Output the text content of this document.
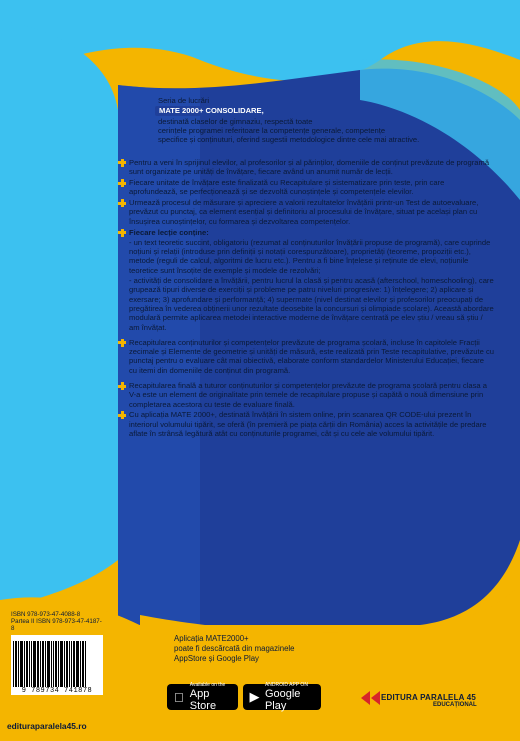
Seria de lucrări
MATE 2000+ CONSOLIDARE,
destinată claselor de gimnaziu, respectă toate
cerințele programei referitoare la competențe generale, competențe
specifice și conținuturi, oferind sugestii metodologice dintre cele mai atractive.

Pentru a veni în sprijinul elevilor, al profesorilor și al părinților, domeniile de conținut prevăzute de programă sunt organizate pe unități de învățare, fiecare având un anumit număr de lecții.

Fiecare unitate de învățare este finalizată cu Recapitulare și sistematizare prin teste, prin care aprofundează, se perfecționează și se dezvoltă cunoștințele și competențele elevilor.

Urmează procesul de măsurare și apreciere a valorii rezultatelor învățării printr-un Test de autoevaluare, prevăzut cu punctaj, ca element esențial și definitoriu al procesului de învățare, situat pe același plan cu însușirea cunoștințelor, cu formarea și dezvoltarea competențelor.

Fiecare lecție conține:

- un text teoretic succint, obligatoriu (rezumat al conținuturilor învățării propuse de programă), care cuprinde noțiuni și relații (introduse prin definiții și notații corespunzătoare), proprietăți (teoreme, propoziții etc.), metode (reguli de calcul, algoritmi de lucru etc.). Pentru a fi bine înțelese și reținute de elevi, noțiunile teoretice sunt însoțite de exemple și modele de rezolvări;

- activități de consolidare a învățării, pentru lucrul la clasă și pentru acasă (afterschool, homeschooling), care grupează tipuri diverse de exerciții și probleme pe patru niveluri progresive: 1) înțelegere; 2) aplicare și exersare; 3) aprofundare și performanță; 4) supermate (nivel destinat elevilor și profesorilor preocupați de pregătirea în vederea obținerii unor rezultate deosebite la concursuri și olimpiade școlare). Această abordare modulară permite aplicarea metodei interactive moderne de învățare centrată pe elev știu / vreau să știu / am învățat.

Recapitularea conținuturilor și competențelor prevăzute de programa școlară, incluse în capitolele Fracții zecimale și Elemente de geometrie și unități de măsură, este realizată prin Teste recapitulative, prevăzute cu punctaj pentru o evaluare cât mai obiectivă, elaborate conform standardelor Ministerului Educației, fiecare cu itemi din domeniile de conținut din programă.

Recapitularea finală a tuturor conținuturilor și competențelor prevăzute de programa școlară pentru clasa a V-a este un element de originalitate prin temele de recapitulare propuse și capătă o nouă dimensiune prin completarea acestora cu teste de evaluare finală.

Cu aplicația MATE 2000+, destinată învățării în sistem online, prin scanarea QR CODE-ului prezent în interiorul volumului tipărit, se oferă (în premieră pe piața cărții din România) acces la activitățile de predare aflate în strânsă legătură atât cu conținuturile programei, cât și cu cele ale volumului tipărit.

ISBN 978-973-47-4088-8
Partea II ISBN 978-973-47-4187-8
9 789734 741878
edituraparalela45.ro
Aplicația MATE2000+
poate fi descărcată din magazinele
AppStore și Google Play
Available on the
App Store
▶
ANDROID APP ON
Google Play
EDITURA PARALELA 45
EDUCAȚIONAL
